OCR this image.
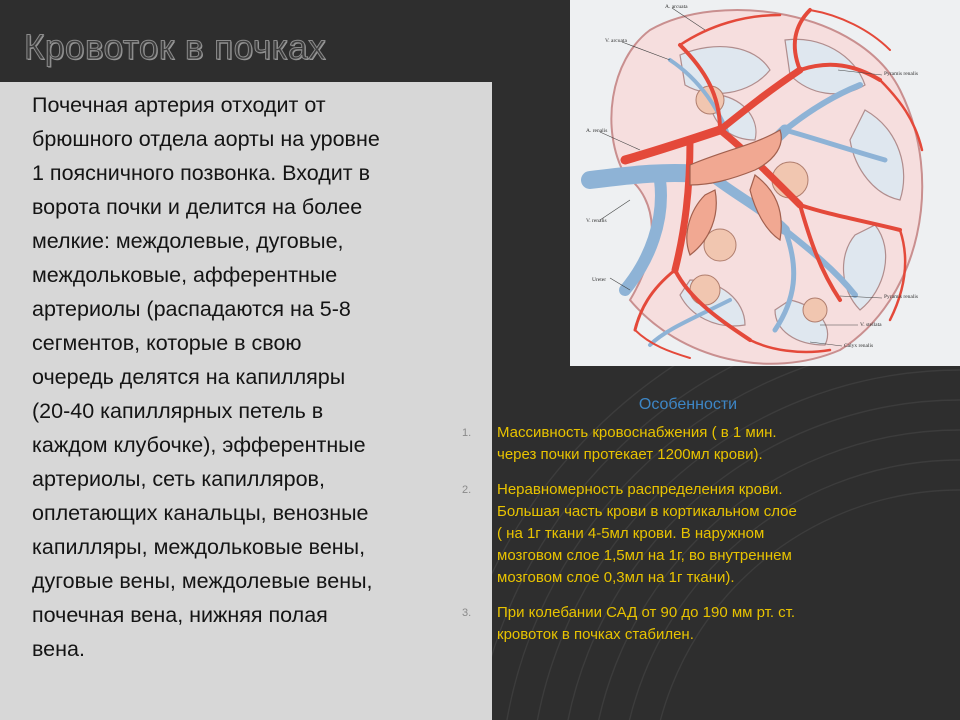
Кровоток в почках
Почечная артерия отходит от
брюшного отдела аорты на уровне
1 поясничного позвонка. Входит в
ворота почки и делится на более
мелкие: междолевые, дуговые,
междольковые, афферентные
артериолы (распадаются на 5-8
сегментов, которые в свою
очередь делятся на капилляры
(20-40 капиллярных петель в
каждом клубочке), эфферентные
артериолы, сеть капилляров,
оплетающих канальцы, венозные
капилляры, междольковые вены,
дуговые вены, междолевые вены,
почечная вена, нижняя полая
вена.
A. arcuata
V. arcuata
Pyramis renalis
A. renalis
V. renalis
Ureter
Pyramis renalis
V. stellata
Calyx renalis
Особенности
1. Массивность кровоснабжения ( в 1 мин.
через почки протекает 1200мл крови).
2. Неравномерность распределения крови.
Большая часть крови в кортикальном слое
( на 1г ткани 4-5мл крови. В наружном
мозговом слое 1,5мл на 1г, во внутреннем
мозговом слое 0,3мл на 1г ткани).
3. При колебании САД от 90 до 190 мм рт. ст.
кровоток в почках стабилен.
